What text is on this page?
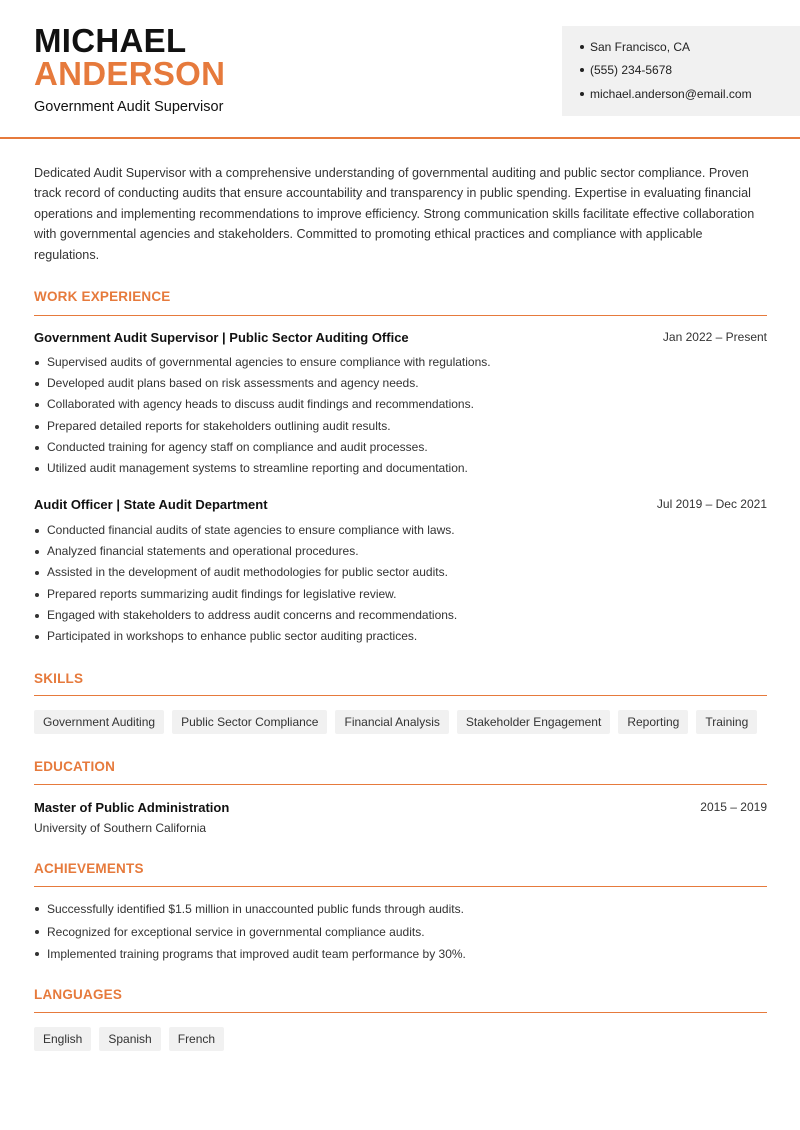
MICHAEL
ANDERSON
Government Audit Supervisor
San Francisco, CA
(555) 234-5678
michael.anderson@email.com
Dedicated Audit Supervisor with a comprehensive understanding of governmental auditing and public sector compliance. Proven track record of conducting audits that ensure accountability and transparency in public spending. Expertise in evaluating financial operations and implementing recommendations to improve efficiency. Strong communication skills facilitate effective collaboration with governmental agencies and stakeholders. Committed to promoting ethical practices and compliance with applicable regulations.
WORK EXPERIENCE
Government Audit Supervisor | Public Sector Auditing Office	Jan 2022 – Present
Supervised audits of governmental agencies to ensure compliance with regulations.
Developed audit plans based on risk assessments and agency needs.
Collaborated with agency heads to discuss audit findings and recommendations.
Prepared detailed reports for stakeholders outlining audit results.
Conducted training for agency staff on compliance and audit processes.
Utilized audit management systems to streamline reporting and documentation.
Audit Officer | State Audit Department	Jul 2019 – Dec 2021
Conducted financial audits of state agencies to ensure compliance with laws.
Analyzed financial statements and operational procedures.
Assisted in the development of audit methodologies for public sector audits.
Prepared reports summarizing audit findings for legislative review.
Engaged with stakeholders to address audit concerns and recommendations.
Participated in workshops to enhance public sector auditing practices.
SKILLS
Government Auditing	Public Sector Compliance	Financial Analysis	Stakeholder Engagement	Reporting	Training
EDUCATION
Master of Public Administration	2015 – 2019
University of Southern California
ACHIEVEMENTS
Successfully identified $1.5 million in unaccounted public funds through audits.
Recognized for exceptional service in governmental compliance audits.
Implemented training programs that improved audit team performance by 30%.
LANGUAGES
English	Spanish	French
